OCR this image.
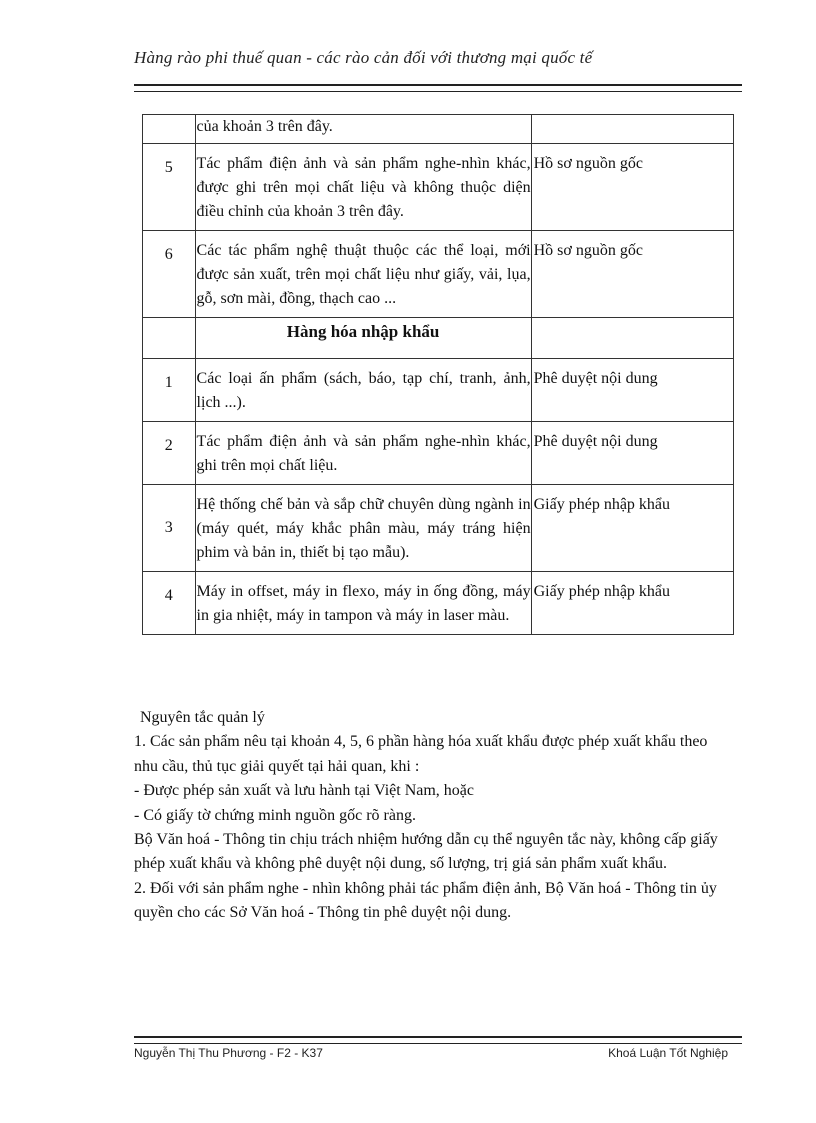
Hàng rào phi thuế quan - các rào cản đối với thương mại quốc tế
	của khoản 3 trên đây.	
5	Tác phẩm điện ảnh và sản phẩm nghe-nhìn khác, được ghi trên mọi chất liệu và không thuộc diện điều chỉnh của khoản 3 trên đây.	Hồ sơ nguồn gốc
6	Các tác phẩm nghệ thuật thuộc các thể loại, mới được sản xuất, trên mọi chất liệu như giấy, vải, lụa, gỗ, sơn mài, đồng, thạch cao ...	Hồ sơ nguồn gốc
	Hàng hóa nhập khẩu	
1	Các loại ấn phẩm (sách, báo, tạp chí, tranh, ảnh, lịch ...).	Phê duyệt nội dung
2	Tác phẩm điện ảnh và sản phẩm nghe-nhìn khác, ghi trên mọi chất liệu.	Phê duyệt nội dung
3	Hệ thống chế bản và sắp chữ chuyên dùng ngành in (máy quét, máy khắc phân màu, máy tráng hiện phim và bản in, thiết bị tạo mẫu).	Giấy phép nhập khẩu
4	Máy in offset, máy in flexo, máy in ống đồng, máy in gia nhiệt, máy in tampon và máy in laser màu.	Giấy phép nhập khẩu

Nguyên tắc quản lý

1. Các sản phẩm nêu tại khoản 4, 5, 6 phần hàng hóa xuất khẩu được phép xuất khẩu theo nhu cầu, thủ tục giải quyết tại hải quan, khi :

- Được phép sản xuất và lưu hành tại Việt Nam, hoặc

- Có giấy tờ chứng minh nguồn gốc rõ ràng.

Bộ Văn hoá - Thông tin chịu trách nhiệm hướng dẫn cụ thể nguyên tắc này, không cấp giấy phép xuất khẩu và không phê duyệt nội dung, số lượng, trị giá sản phẩm xuất khẩu.

2. Đối với sản phẩm nghe - nhìn không phải tác phẩm điện ảnh, Bộ Văn hoá - Thông tin ủy quyền cho các Sở Văn hoá - Thông tin phê duyệt nội dung.

Nguyễn Thị Thu Phương - F2 - K37	Khoá Luận Tốt Nghiệp
